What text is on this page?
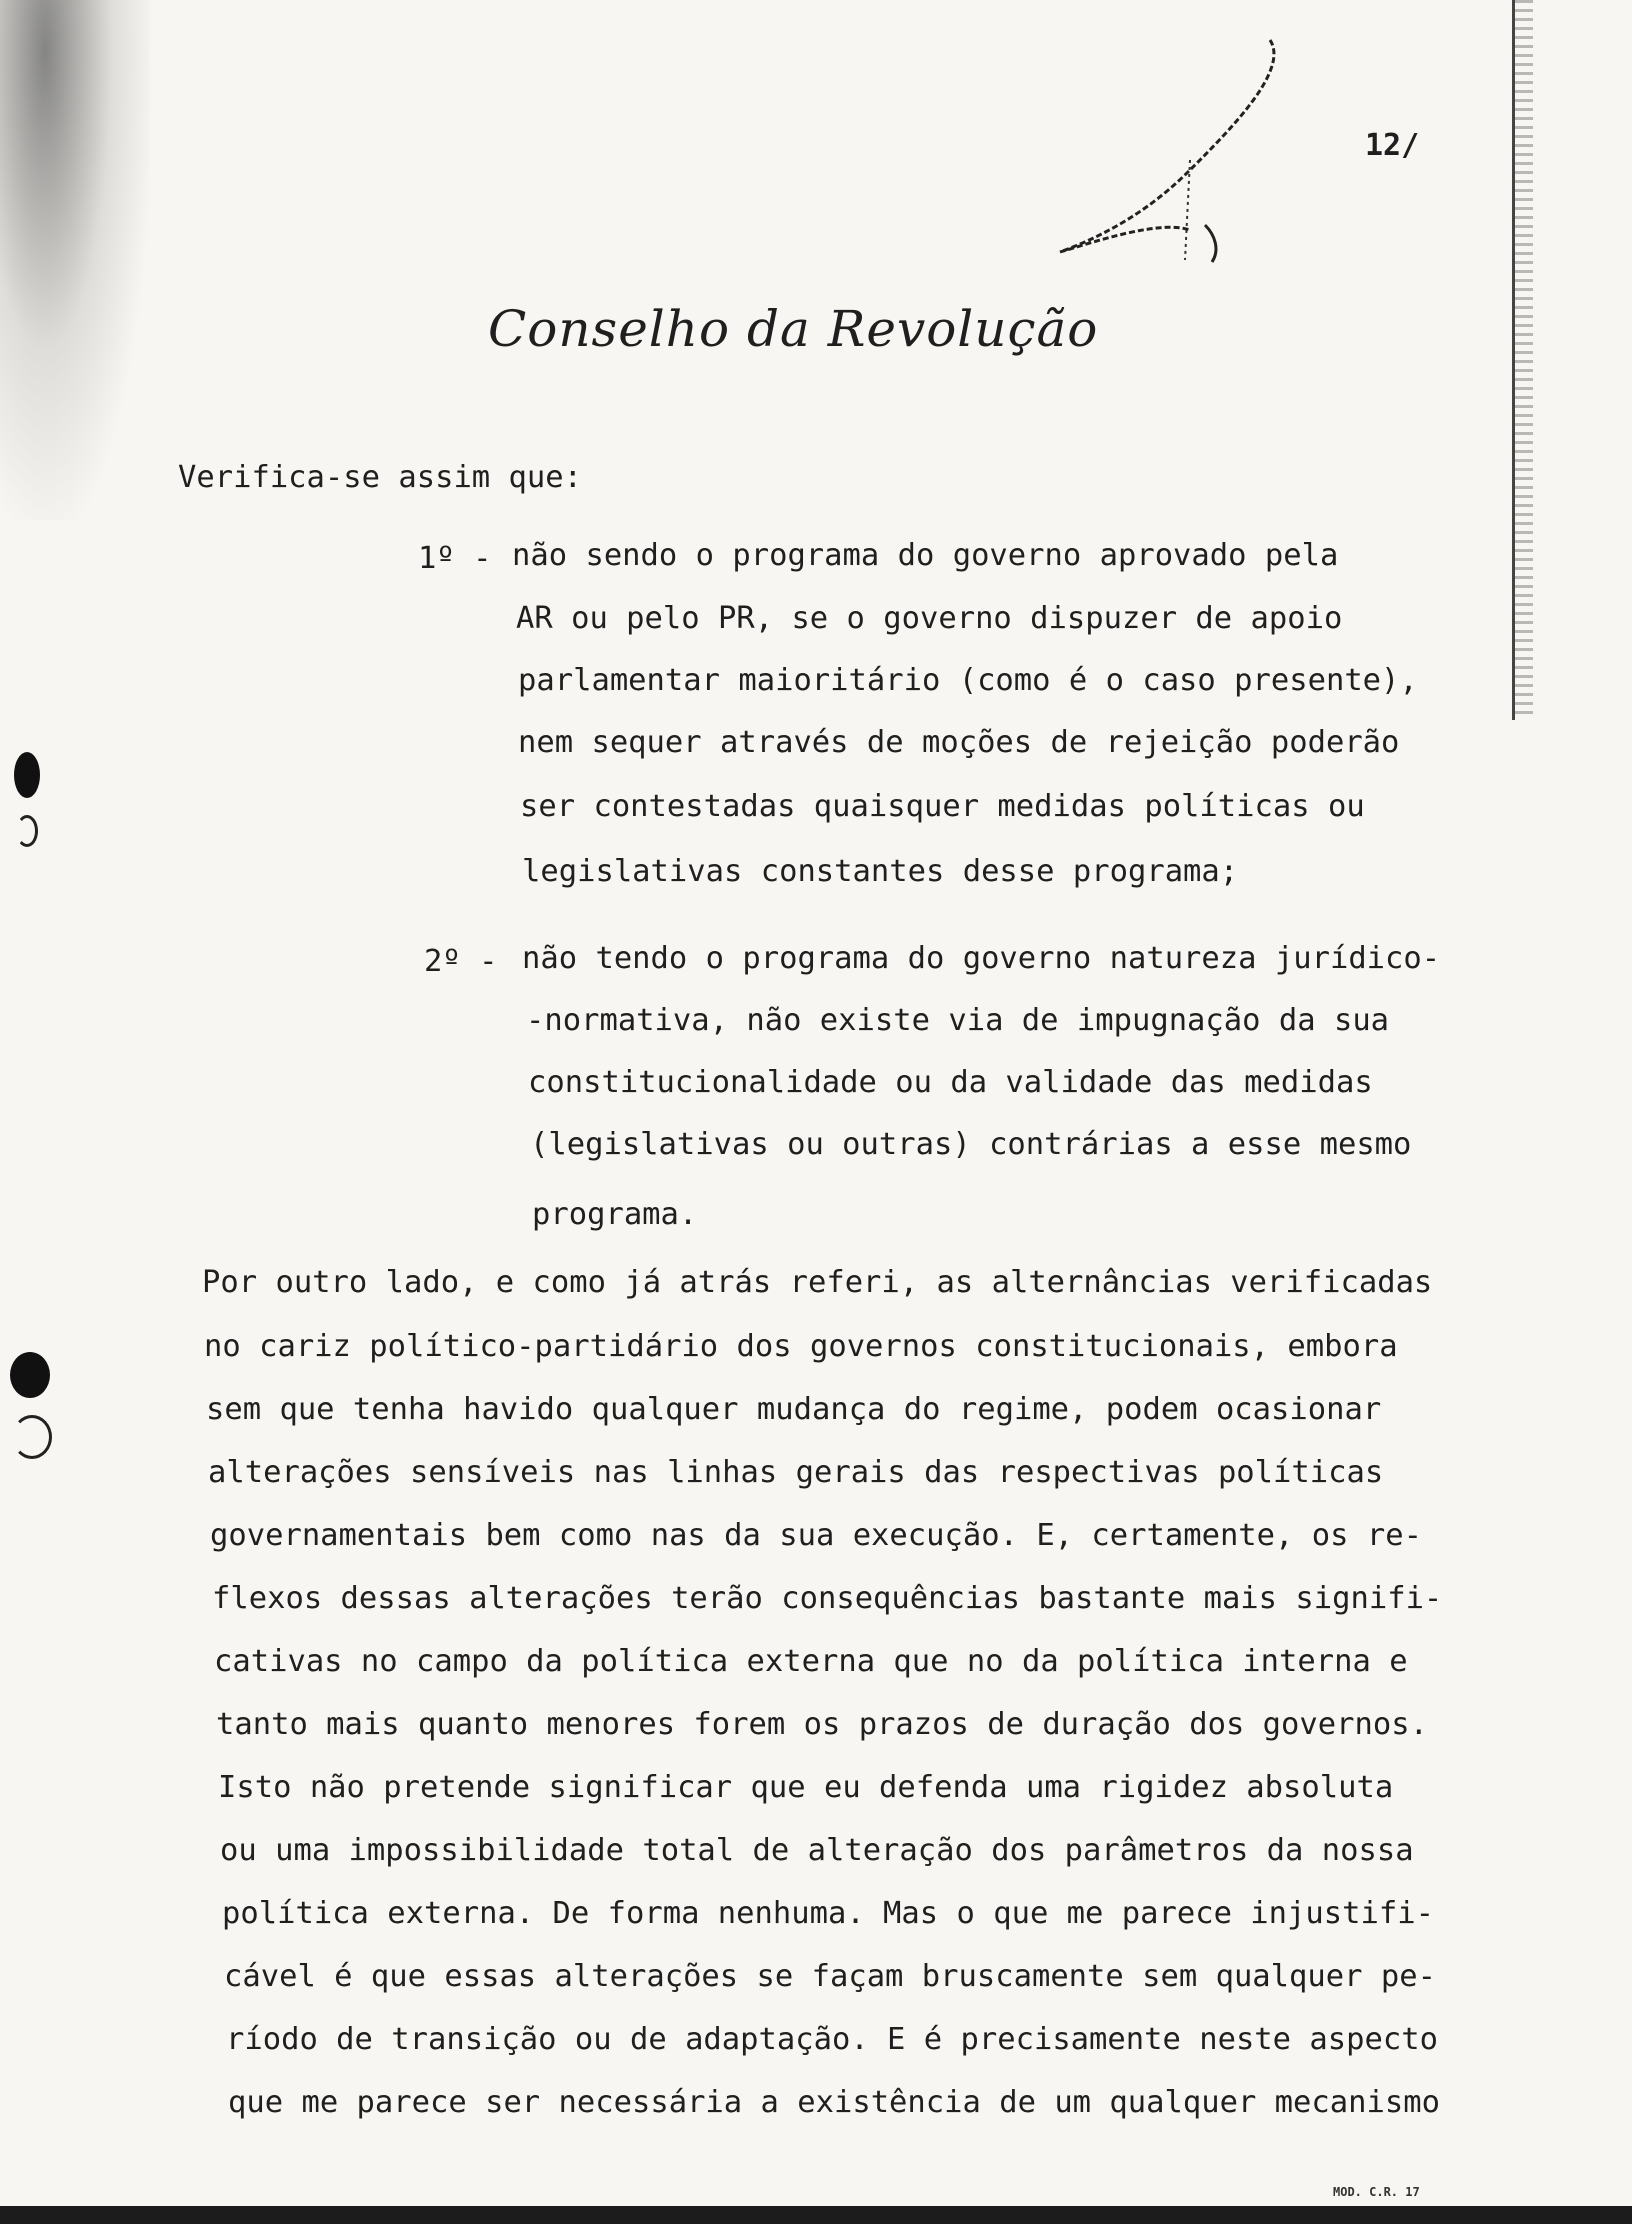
12/
Conselho da Revolução
Verifica-se assim que:
1º - não sendo o programa do governo aprovado pela
AR ou pelo PR, se o governo dispuzer de apoio
parlamentar maioritário (como é o caso presente),
nem sequer através de moções de rejeição poderão
ser contestadas quaisquer medidas políticas ou
legislativas constantes desse programa;
2º - não tendo o programa do governo natureza jurídico-
-normativa, não existe via de impugnação da sua
constitucionalidade ou da validade das medidas
(legislativas ou outras) contrárias a esse mesmo
programa.
Por outro lado, e como já atrás referi, as alternâncias verificadas
no cariz político-partidário dos governos constitucionais, embora
sem que tenha havido qualquer mudança do regime, podem ocasionar
alterações sensíveis nas linhas gerais das respectivas políticas
governamentais bem como nas da sua execução. E, certamente, os re-
flexos dessas alterações terão consequências bastante mais signifi-
cativas no campo da política externa que no da política interna e
tanto mais quanto menores forem os prazos de duração dos governos.
Isto não pretende significar que eu defenda uma rigidez absoluta
ou uma impossibilidade total de alteração dos parâmetros da nossa
política externa. De forma nenhuma. Mas o que me parece injustifi-
cável é que essas alterações se façam bruscamente sem qualquer pe-
ríodo de transição ou de adaptação. E é precisamente neste aspecto
que me parece ser necessária a existência de um qualquer mecanismo
MOD. C.R. 17
